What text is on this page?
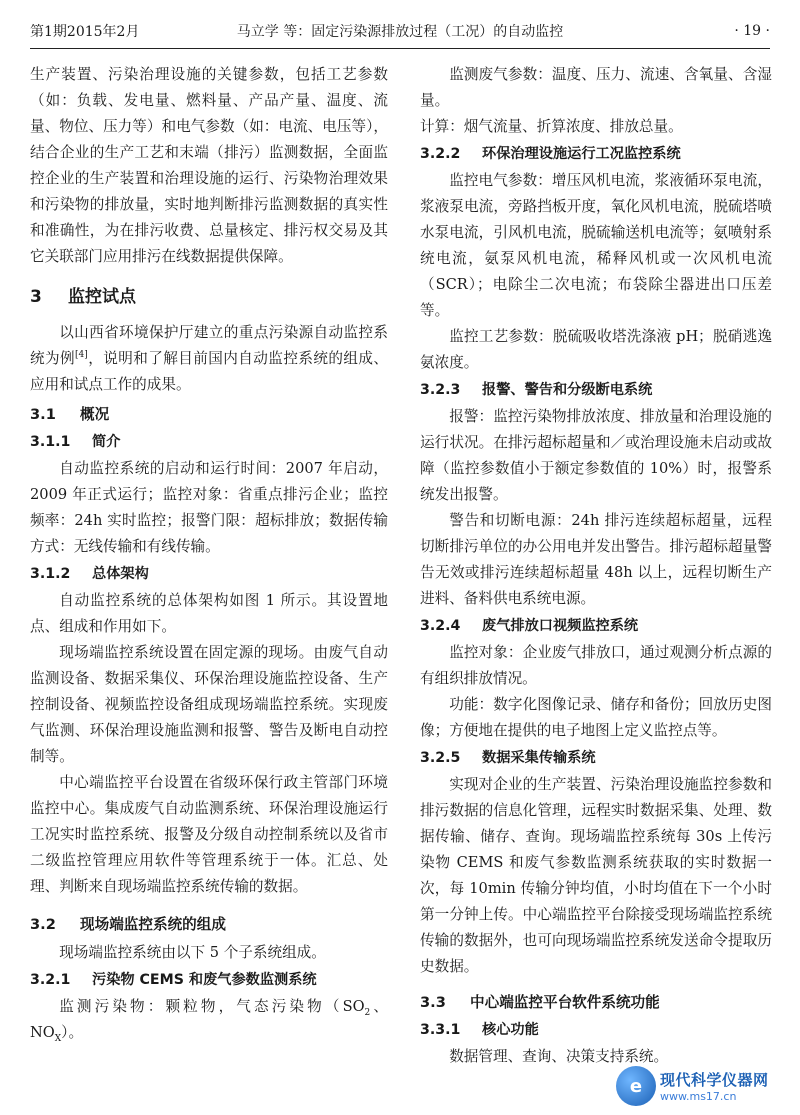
第1期2015年2月	马立学 等：固定污染源排放过程（工况）的自动监控	· 19 ·

生产装置、污染治理设施的关键参数，包括工艺参数（如：负载、发电量、燃料量、产品产量、温度、流量、物位、压力等）和电气参数（如：电流、电压等），结合企业的生产工艺和末端（排污）监测数据，全面监控企业的生产装置和治理设施的运行、污染物治理效果和污染物的排放量，实时地判断排污监测数据的真实性和准确性，为在排污收费、总量核定、排污权交易及其它关联部门应用排污在线数据提供保障。

3 监控试点

以山西省环境保护厅建立的重点污染源自动监控系统为例[4]，说明和了解目前国内自动监控系统的组成、应用和试点工作的成果。

3.1 概况
3.1.1 简介

自动监控系统的启动和运行时间：2007 年启动，2009 年正式运行；监控对象：省重点排污企业；监控频率：24h 实时监控；报警门限：超标排放；数据传输方式：无线传输和有线传输。

3.1.2 总体架构

自动监控系统的总体架构如图 1 所示。其设置地点、组成和作用如下。

现场端监控系统设置在固定源的现场。由废气自动监测设备、数据采集仪、环保治理设施监控设备、生产控制设备、视频监控设备组成现场端监控系统。实现废气监测、环保治理设施监测和报警、警告及断电自动控制等。

中心端监控平台设置在省级环保行政主管部门环境监控中心。集成废气自动监测系统、环保治理设施运行工况实时监控系统、报警及分级自动控制系统以及省市二级监控管理应用软件等管理系统于一体。汇总、处理、判断来自现场端监控系统传输的数据。

3.2 现场端监控系统的组成

现场端监控系统由以下 5 个子系统组成。

3.2.1 污染物 CEMS 和废气参数监测系统

监测污染物：颗粒物，气态污染物（$SO_2$、$NO_X$）。

监测废气参数：温度、压力、流速、含氧量、含湿量。

计算：烟气流量、折算浓度、排放总量。

3.2.2 环保治理设施运行工况监控系统

监控电气参数：增压风机电流，浆液循环泵电流，浆液泵电流，旁路挡板开度，氧化风机电流，脱硫塔喷水泵电流，引风机电流，脱硫输送机电流等；氨喷射系统电流，氨泵风机电流，稀释风机或一次风机电流（SCR）；电除尘二次电流；布袋除尘器进出口压差等。

监控工艺参数：脱硫吸收塔洗涤液 pH；脱硝逃逸氨浓度。

3.2.3 报警、警告和分级断电系统

报警：监控污染物排放浓度、排放量和治理设施的运行状况。在排污超标超量和／或治理设施未启动或故障（监控参数值小于额定参数值的 10%）时，报警系统发出报警。

警告和切断电源：24h 排污连续超标超量，远程切断排污单位的办公用电并发出警告。排污超标超量警告无效或排污连续超标超量 48h 以上，远程切断生产进料、备料供电系统电源。

3.2.4 废气排放口视频监控系统

监控对象：企业废气排放口，通过观测分析点源的有组织排放情况。

功能：数字化图像记录、储存和备份；回放历史图像；方便地在提供的电子地图上定义监控点等。

3.2.5 数据采集传输系统

实现对企业的生产装置、污染治理设施监控参数和排污数据的信息化管理，远程实时数据采集、处理、数据传输、储存、查询。现场端监控系统每 30s 上传污染物 CEMS 和废气参数监测系统获取的实时数据一次，每 10min 传输分钟均值，小时均值在下一个小时第一分钟上传。中心端监控平台除接受现场端监控系统传输的数据外，也可向现场端监控系统发送命令提取历史数据。

3.3 中心端监控平台软件系统功能
3.3.1 核心功能

数据管理、查询、决策支持系统。

e	现代科学仪器网
www.ms17.cn
